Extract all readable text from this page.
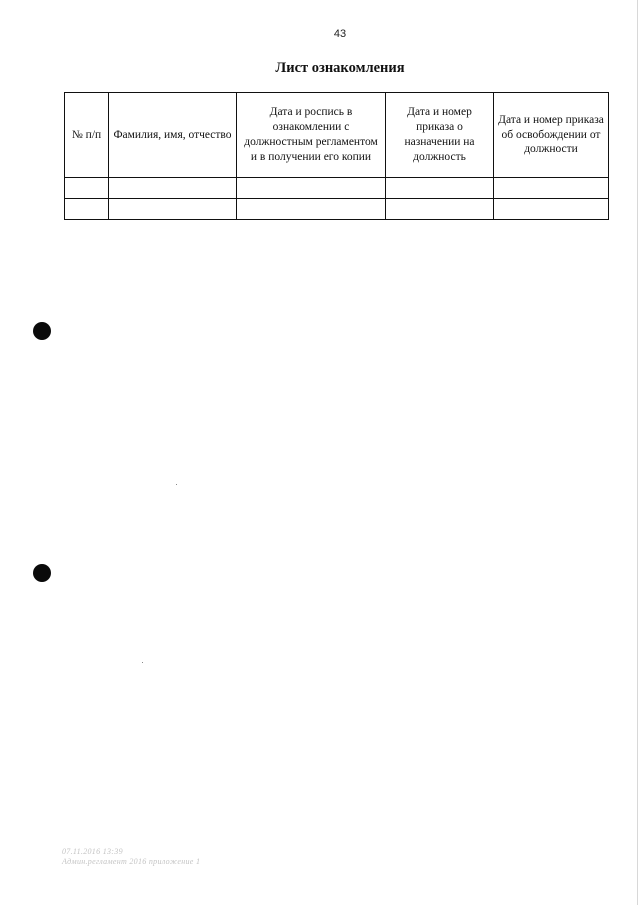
43
Лист ознакомления
№ п/п	Фамилия, имя, отчество	Дата и роспись в ознакомлении с должностным регламентом и в получении его копии	Дата и номер приказа о назначении на должность	Дата и номер приказа об освобождении от должности

07.11.2016 13:39
Админ.регламент 2016 приложение 1
